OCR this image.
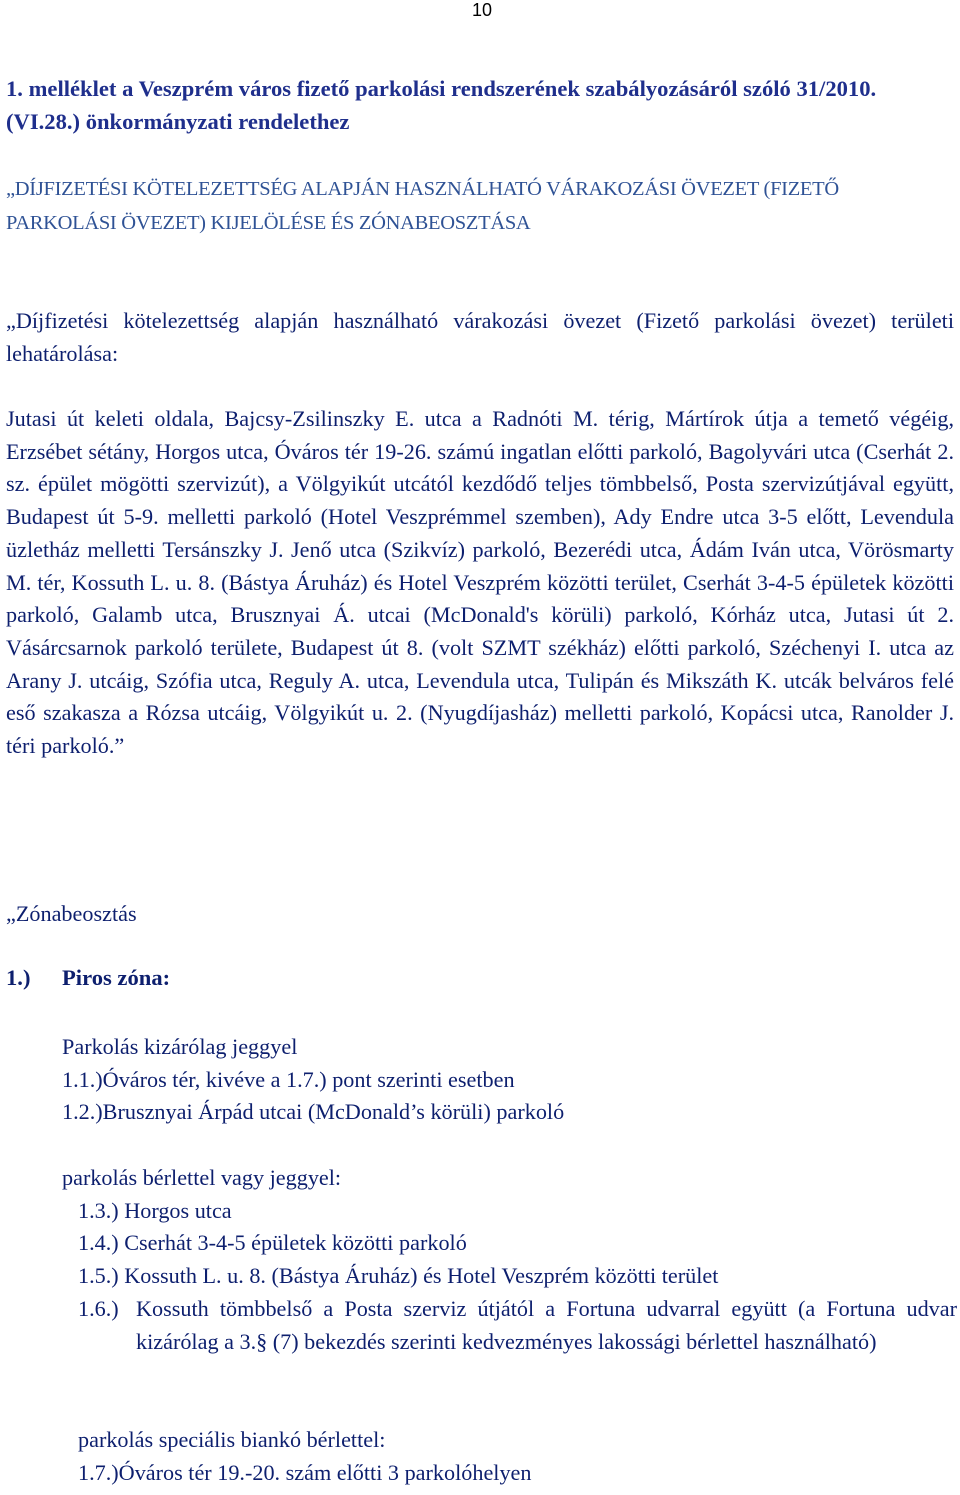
10
1. melléklet a Veszprém város fizető parkolási rendszerének szabályozásáról szóló 31/2010. (VI.28.) önkormányzati rendelethez
„DÍJFIZETÉSI KÖTELEZETTSÉG ALAPJÁN HASZNÁLHATÓ VÁRAKOZÁSI ÖVEZET (FIZETŐ PARKOLÁSI ÖVEZET) KIJELÖLÉSE ÉS ZÓNABEOSZTÁSA
„Díjfizetési kötelezettség alapján használható várakozási övezet (Fizető parkolási övezet) területi lehatárolása:
Jutasi út keleti oldala, Bajcsy-Zsilinszky E. utca a Radnóti M. térig, Mártírok útja a temető végéig, Erzsébet sétány, Horgos utca, Óváros tér 19-26. számú ingatlan előtti parkoló, Bagolyvári utca (Cserhát 2. sz. épület mögötti szervizút), a Völgyikút utcától kezdődő teljes tömbbelső, Posta szervizútjával együtt, Budapest út 5-9. melletti parkoló (Hotel Veszprémmel szemben), Ady Endre utca 3-5 előtt, Levendula üzletház melletti Tersánszky J. Jenő utca (Szikvíz) parkoló, Bezerédi utca, Ádám Iván utca, Vörösmarty M. tér, Kossuth L. u. 8. (Bástya Áruház) és Hotel Veszprém közötti terület, Cserhát 3-4-5 épületek közötti parkoló, Galamb utca, Brusznyai Á. utcai (McDonald's körüli) parkoló, Kórház utca, Jutasi út 2. Vásárcsarnok parkoló területe, Budapest út 8. (volt SZMT székház) előtti parkoló, Széchenyi I. utca az Arany J. utcáig, Szófia utca, Reguly A. utca, Levendula utca, Tulipán és Mikszáth K. utcák belváros felé eső szakasza a Rózsa utcáig, Völgyikút u. 2. (Nyugdíjasház) melletti parkoló, Kopácsi utca, Ranolder J. téri parkoló.”
„Zónabeosztás
1.) Piros zóna:

Parkolás kizárólag jeggyel

1.1.)Óváros tér, kivéve a 1.7.) pont szerinti esetben

1.2.)Brusznyai Árpád utcai (McDonald’s körüli) parkoló

parkolás bérlettel vagy jeggyel:

1.3.) Horgos utca

1.4.) Cserhát 3-4-5 épületek közötti parkoló

1.5.) Kossuth L. u. 8. (Bástya Áruház) és Hotel Veszprém közötti terület

1.6.) Kossuth tömbbelső a Posta szerviz útjától a Fortuna udvarral együtt (a Fortuna udvar kizárólag a 3.§ (7) bekezdés szerinti kedvezményes lakossági bérlettel használható)

parkolás speciális biankó bérlettel:

1.7.)Óváros tér 19.-20. szám előtti 3 parkolóhelyen
